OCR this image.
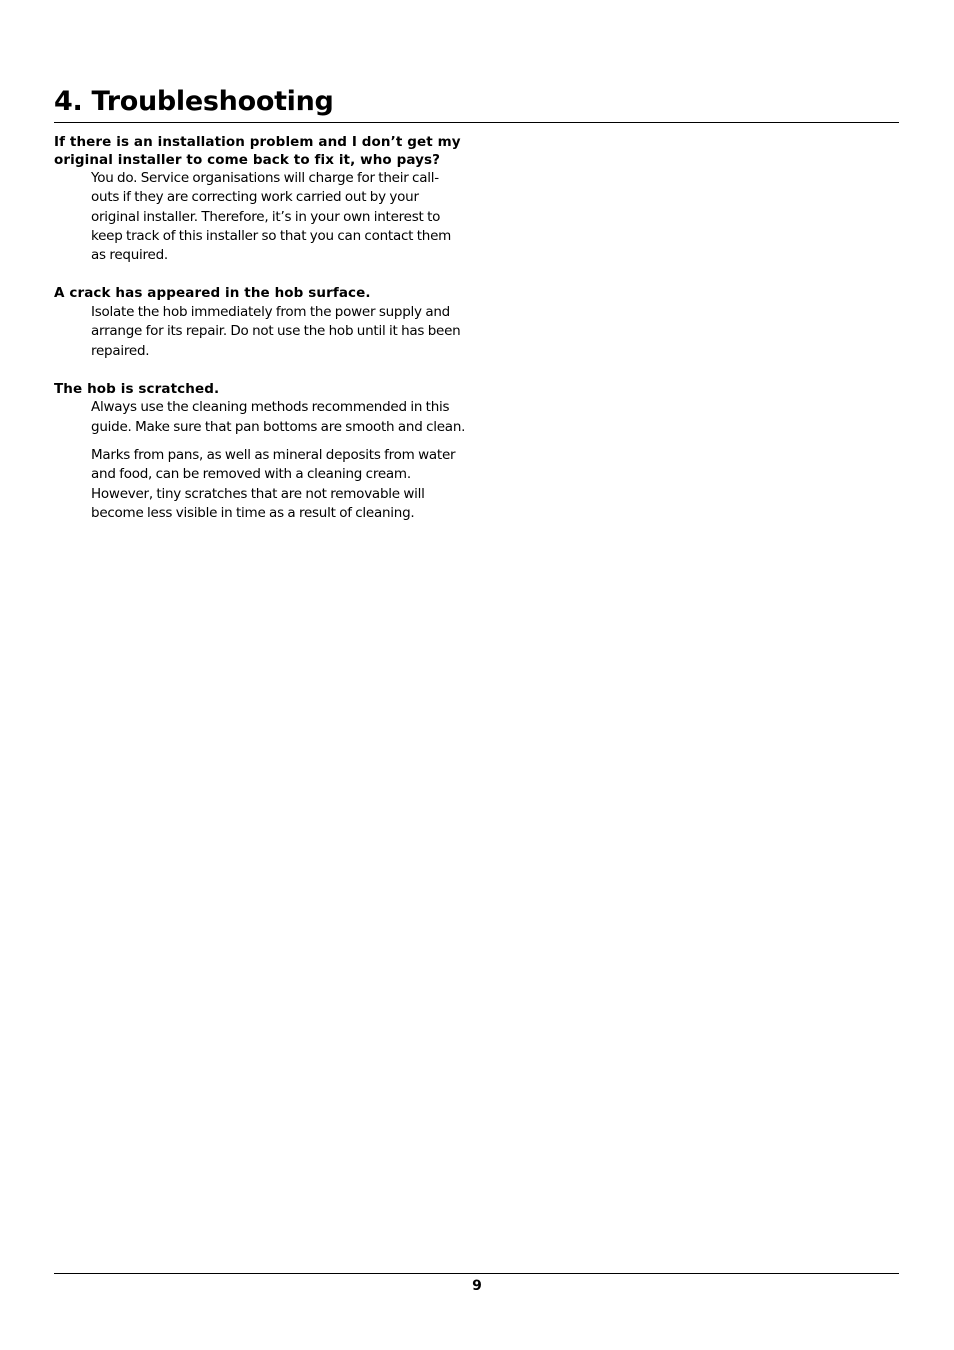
4. Troubleshooting

If there is an installation problem and I don’t get my original installer to come back to fix it, who pays?

You do. Service organisations will charge for their call-outs if they are correcting work carried out by your original installer. Therefore, it’s in your own interest to keep track of this installer so that you can contact them as required.

A crack has appeared in the hob surface.

Isolate the hob immediately from the power supply and arrange for its repair. Do not use the hob until it has been repaired.

The hob is scratched.

Always use the cleaning methods recommended in this guide. Make sure that pan bottoms are smooth and clean.

Marks from pans, as well as mineral deposits from water and food, can be removed with a cleaning cream. However, tiny scratches that are not removable will become less visible in time as a result of cleaning.

9
